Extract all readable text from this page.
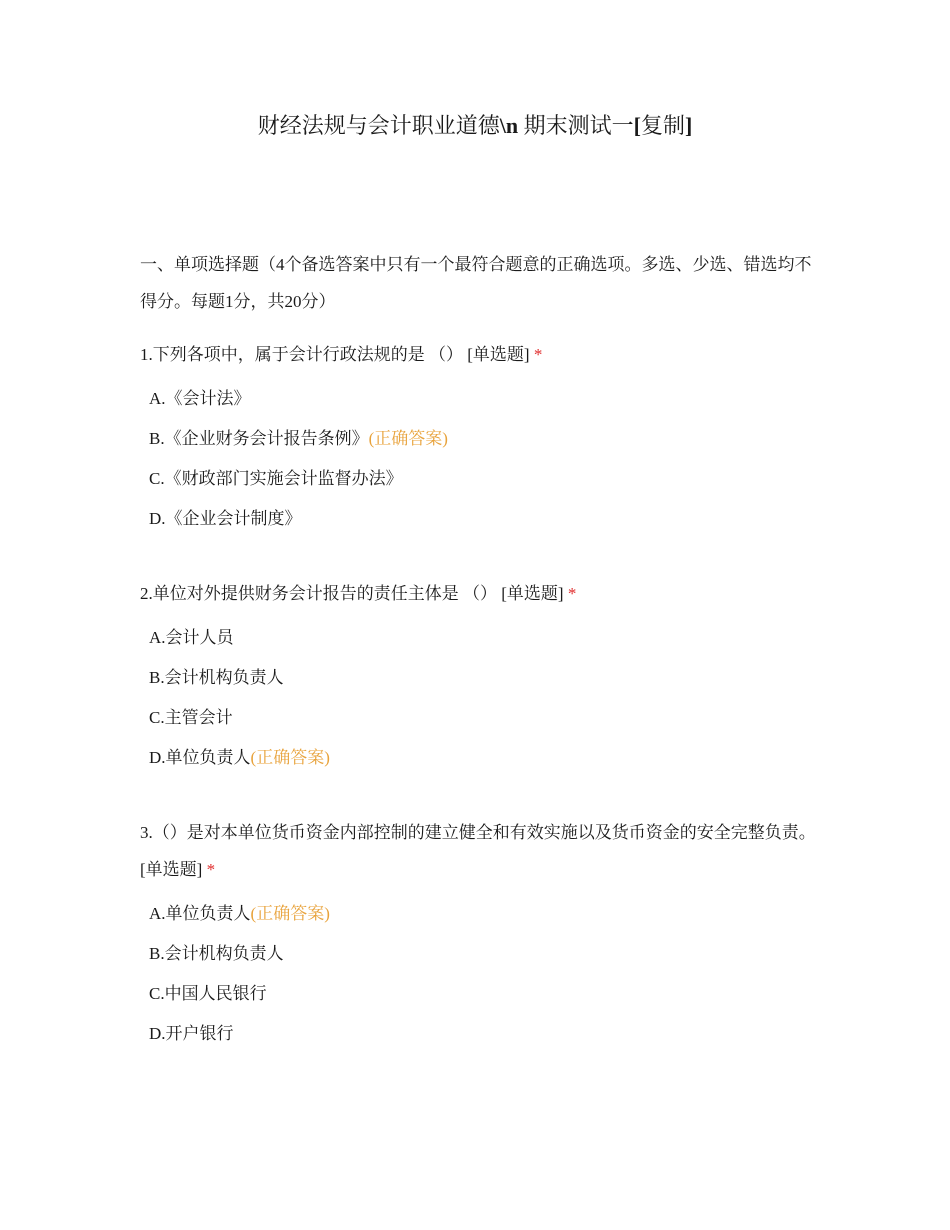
财经法规与会计职业道德\n 期末测试一[复制]
一、单项选择题（4个备选答案中只有一个最符合题意的正确选项。多选、少选、错选均不得分。每题1分，共20分）
1.下列各项中，属于会计行政法规的是 （） [单选题] *
A.《会计法》
B.《企业财务会计报告条例》(正确答案)
C.《财政部门实施会计监督办法》
D.《企业会计制度》
2.单位对外提供财务会计报告的责任主体是 （） [单选题] *
A.会计人员
B.会计机构负责人
C.主管会计
D.单位负责人(正确答案)
3.（）是对本单位货币资金内部控制的建立健全和有效实施以及货币资金的安全完整负责。 [单选题] *
A.单位负责人(正确答案)
B.会计机构负责人
C.中国人民银行
D.开户银行
